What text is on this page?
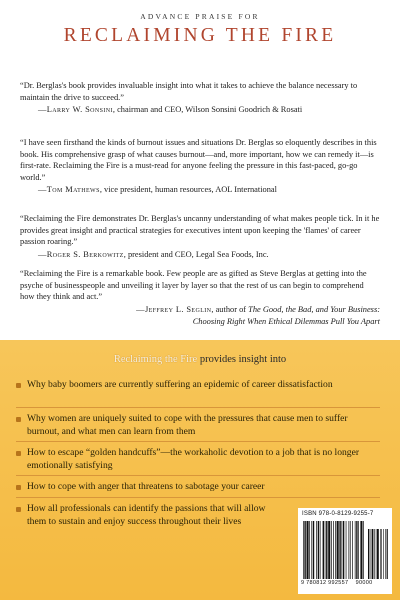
ADVANCE PRAISE FOR
RECLAIMING THE FIRE

“Dr. Berglas's book provides invaluable insight into what it takes to achieve the balance necessary to maintain the drive to succeed.”

—Larry W. Sonsini, chairman and CEO, Wilson Sonsini Goodrich & Rosati

“I have seen firsthand the kinds of burnout issues and situations Dr. Berglas so eloquently describes in this book. His comprehensive grasp of what causes burnout—and, more important, how we can remedy it—is first-rate. Reclaiming the Fire is a must-read for anyone feeling the pressure in this fast-paced, go-go world.”

—Tom Mathews, vice president, human resources, AOL International

“Reclaiming the Fire demonstrates Dr. Berglas's uncanny understanding of what makes people tick. In it he provides great insight and practical strategies for executives intent upon keeping the 'flames' of career passion roaring.”

—Roger S. Berkowitz, president and CEO, Legal Sea Foods, Inc.

“Reclaiming the Fire is a remarkable book. Few people are as gifted as Steve Berglas at getting into the psyche of businesspeople and unveiling it layer by layer so that the rest of us can begin to comprehend how they think and act.”

—Jeffrey L. Seglin, author of The Good, the Bad, and Your Business:
Choosing Right When Ethical Dilemmas Pull You Apart
Reclaiming the Fire provides insight into
Why baby boomers are currently suffering an epidemic of career dissatisfaction
Why women are uniquely suited to cope with the pressures that cause men to suffer burnout, and what men can learn from them
How to escape “golden handcuffs”—the workaholic devotion to a job that is no longer emotionally satisfying
How to cope with anger that threatens to sabotage your career
How all professionals can identify the passions that will allow them to sustain and enjoy success throughout their lives
ISBN 978-0-8129-9255-7
9 780812 992557 90000
